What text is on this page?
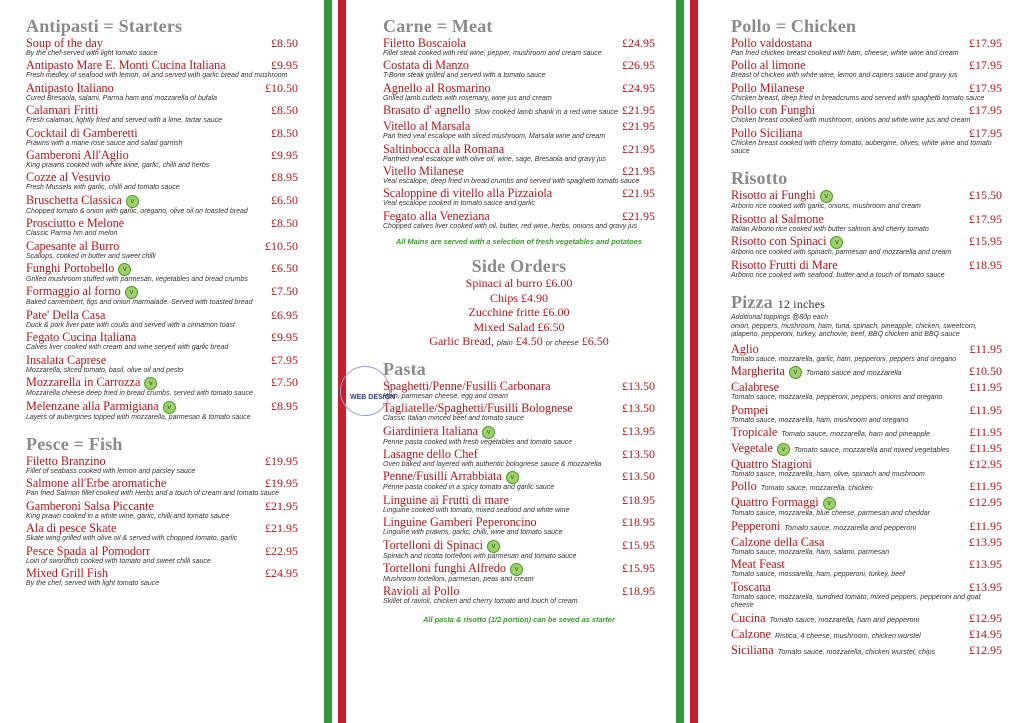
WEB DESIGN
Antipasti = Starters
Soup of the day	£8.50
By the chef-served with light tomato sauce
Antipasto Mare E. Monti Cucina Italiana	£9.95
Fresh medley of seafood with lemon, oil and served with garlic bread and mushroom
Antipasto Italiano	£10.50
Cured Bresaola, salami, Parma ham and mozzarella of bufala
Calamari Fritti	£8.50
Fresh calamari, lightly fried and served with a lime, tartar sauce
Cocktail di Gamberetti	£8.50
Prawns with a marie rose sauce and salad garnish
Gamberoni All'Aglio	£9.95
King prawns cooked with white wine, garlic, chilli and herbs
Cozze al Vesuvio	£8.95
Fresh Mussels with garlic, chilli and tomato sauce
Bruschetta Classica v	£6.50
Chopped tomato & onion with garlic, oregano, olive oil on toasted bread
Prosciutto e Melone	£8.50
Classic Parma hm and melon
Capesante al Burro	£10.50
Scallops, cooked in butter and sweet chilli
Funghi Portobello v	£6.50
Grilled mushroom stuffed with parmesan, vegetables and bread crumbs
Formaggio al forno v	£7.50
Baked camembert, figs and onion marmalade. Served with toasted bread
Pate' Della Casa	£6.95
Duck & pork liver pate with coulis and served with a cinnamon toast
Fegato Cucina Italiana	£9.95
Calves liver cooked with cream and wine served with garlic bread
Insalata Caprese	£7.95
Mozzarella, sliced tomato, basil, olive oil and pesto
Mozzarella in Carrozza v	£7.50
Mozzarella cheese deep fried in bread crumbs, served with tomato sauce
Melenzane alla Parmigiana v	£8.95
Layers of aubergines topped with mozzarella, parmesan & tomato sauce
Pesce = Fish
Filetto Branzino	£19.95
Fillet of seabass cooked with lemon and parsley sauce
Salmone all'Erbe aromatiche	£19.95
Pan fried Salmon fillet cooked with Herbs and a touch of cream and tomato sauce
Gamberoni Salsa Piccante	£21.95
King prawn cooked in a white wine, garlic, chilli and tomato sauce
Ala di pesce Skate	£21.95
Skate wing grilled with olive oil & served with chopped tomato, garlic
Pesce Spada al Pomodorr	£22.95
Loin of swordfish cooked with tomato and sweet chilli sauce
Mixed Grill Fish	£24.95
By the chef, served with light tomato sauce
Carne = Meat
Filetto Boscaiola	£24.95
Fillet steak cooked with red wine, pepper, mushroom and cream sauce
Costata di Manzo	£26.95
T-Bone steak grilled and served with a tomato sauce
Agnello al Rosmarino	£24.95
Grilled lamb cutlets with rosemary, wine jus and cream
Brasato d' agnello Slow cooked lamb shank in a red wine sauce £21.95
Vitello al Marsala	£21.95
Pan fried veal escalope with sliced mushroom, Marsala wine and cream
Saltinbocca alla Romana	£21.95
Panfried veal escalope with olive oil, wine, sage, Bresaola and gravy jus
Vitello Milanese	£21.95
Veal escalope, deep fried in bread crumbs and served with spaghetti tomato sauce
Scaloppine di vitello alla Pizzaiola	£21.95
Veal escalope cooked in tomato sauce and garlic
Fegato alla Veneziana	£21.95
Chopped calves liver cooked with oil, butter, red wine, herbs, onions and gravy jus
All Mains are served with a selection of fresh vegetables and potatoes
Side Orders
Spinaci al burro £6.00
Chips £4.90
Zucchine fritte £6.00
Mixed Salad £6.50
Garlic Bread, plain £4.50 or cheese £6.50
Pasta
Spaghetti/Penne/Fusilli Carbonara	£13.50
Ham, parmesan cheese, egg and cream
Tagliatelle/Spaghetti/Fusilli Bolognese	£13.50
Classic Italian minced beef and tomato sauce
Giardiniera Italiana v	£13.95
Penne pasta cooked with fresh vegetables and tomato sauce
Lasagne dello Chef	£13.50
Oven baked and layered with authentic bolognese sauce & mozzarella
Penne/Fusilli Arrabbiata v	£13.50
Penne pasta cooked in a spicy tomato and garlic sauce
Linguine ai Frutti di mare	£18.95
Linguine cooked with tomato, mixed seafood and white wine
Linguine Gamberi Peperoncino	£18.95
Linguine with prawns, garlic, chilli, wine and tomato sauce
Tortelloni di Spinaci v	£15.95
Spinach and ricotta tortelloni with parmesan and tomato sauce
Tortelloni funghi Alfredo v	£15.95
Mushroom tortelloni, parmesan, peas and cream
Ravioli al Pollo	£18.95
Skillet of ravioli, chicken and cherry tomato and touch of cream
All pasta & risotto (1/2 portion) can be seved as starter
Pollo = Chicken
Pollo valdostana	£17.95
Pan fried chicken breast cooked with ham, cheese, white wine and cream
Pollo al limone	£17.95
Breast of chicken with white wine, lemon and capers sauce and gravy jus
Pollo Milanese	£17.95
Chicken breast, deep fried in breadcrums and served with spaghetti tomato sauce
Pollo con Funghi	£17.95
Chicken breast cooked with mushroom, onions and white wine jus and cream
Pollo Siciliana	£17.95
Chicken breast cooked with cherry tomato, aubergine, olives, white wine and tomato sauce
Risotto
Risotto ai Funghi v	£15.50
Arborio rice cooked with garlic, onions, mushroom and cream
Risotto al Salmone	£17.95
Italian Arborio rice cooked with butter salmon and cherry tomato
Risotto con Spinaci v	£15.95
Arborio rice cooked with spinach, parmesan and mozzarella and cream
Risotto Frutti di Mare	£18.95
Arborio rice cooked with seafood, butter and a touch of tomato sauce
Pizza 12 inches
Additional toppings @80p each
onion, peppers, mushroom, ham, tuna, spinach, pineapple, chicken, sweetcorn, jalapeno, pepperoni, turkey, anchovie, beef, BBQ chicken and BBQ sauce
Aglio	£11.95
Tomato sauce, mozzarella, garlic, ham, pepperoni, peppers and oregano
Margherita v Tomato sauce and mozzarella	£10.50
Calabrese	£11.95
Tomato sauce, mozzarella, pepperoni, peppers, onions and oregano
Pompei	£11.95
Tomato sauce, mozzarella, ham, mushroom and oregano
Tropicale Tomato sauce, mozzarella, ham and pineapple	£11.95
Vegetale v Tomato sauce, mozzarella and mixed vegetables £11.95
Quattro Stagioni	£12.95
Tomato sauce, mozzarella, ham, olive, spinach and mushroom
Pollo Tomato sauce, mozzarella, chicken	£11.95
Quattro Formaggi v	£12.95
Tomato sauce, mozzarella, blue cheese, parmesan and cheddar
Pepperoni Tomato sauce, mozzarella and pepperoni	£11.95
Calzone della Casa	£13.95
Tomato sauce, mozzarella, ham, salami, parmesan
Meat Feast	£13.95
Tomato sauce, mossarella, ham, pepperoni, turkey, beef
Toscana	£13.95
Tomato sauce, mozzarella, sundried tomato, mixed peppers, pepperoni and goat cheese
Cucina Tomato sauce, mozzarella, ham and pepperoni	£12.95
Calzone Ristica, 4 cheese, mushroom, chicken wurstel	£14.95
Siciliana Tomato sauce, mozzarella, chicken wurstel, chips	£12.95
